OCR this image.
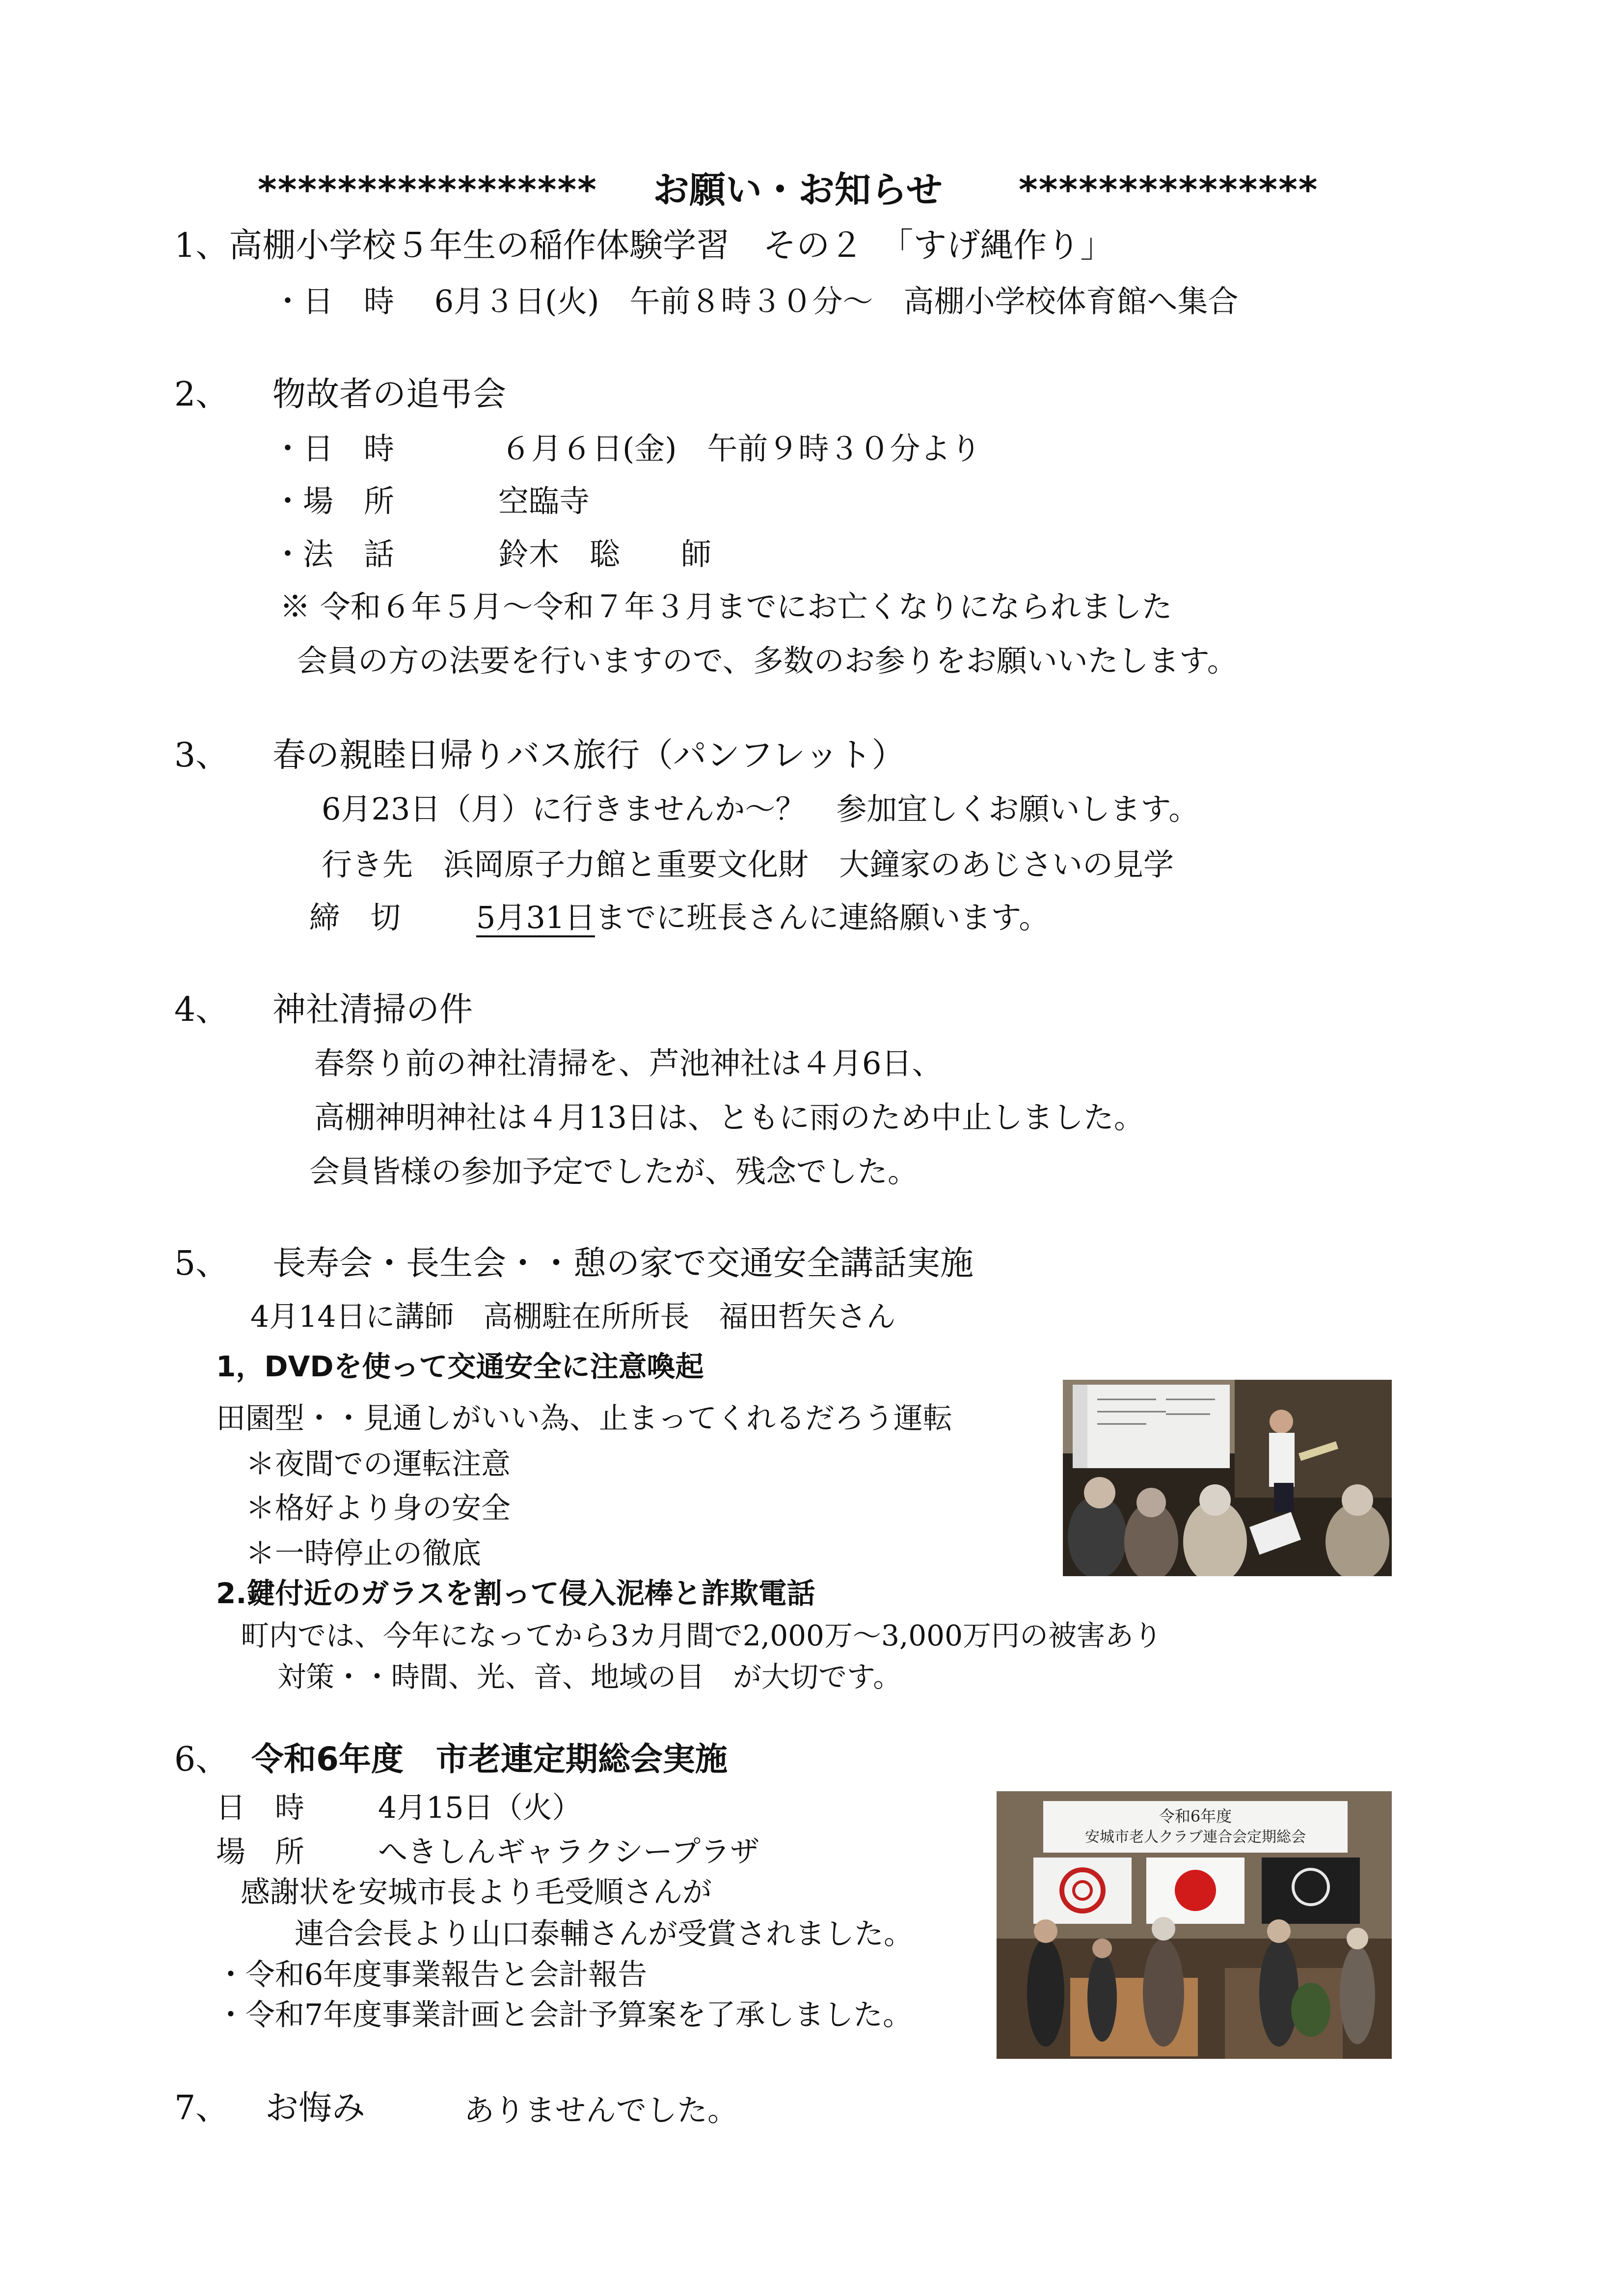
***************** お願い・お知らせ ***************
1、高棚小学校５年生の稲作体験学習　その２　「すげ縄作り」
・日　時　 6月３日(火)　午前８時３０分～　高棚小学校体育館へ集合
2、 物故者の追弔会
・日　時	６月６日(金)　午前９時３０分より
・場　所	空臨寺
・法　話	鈴木　聡　　師
※ 令和６年５月～令和７年３月までにお亡くなりになられました
会員の方の法要を行いますので、多数のお参りをお願いいたします。
3、 春の親睦日帰りバス旅行（パンフレット）
6月23日（月）に行きませんか～？　参加宜しくお願いします。
行き先　浜岡原子力館と重要文化財　大鐘家のあじさいの見学
締　切 5月31日までに班長さんに連絡願います。
4、 神社清掃の件
春祭り前の神社清掃を、芦池神社は４月6日、
高棚神明神社は４月13日は、ともに雨のため中止しました。
会員皆様の参加予定でしたが、残念でした。
5、 長寿会・長生会・・憩の家で交通安全講話実施
4月14日に講師　高棚駐在所所長　福田哲矢さん
1，DVDを使って交通安全に注意喚起
田園型・・見通しがいい為、止まってくれるだろう運転
＊夜間での運転注意
＊格好より身の安全
＊一時停止の徹底
2.鍵付近のガラスを割って侵入泥棒と詐欺電話
町内では、今年になってから3カ月間で2,000万～3,000万円の被害あり
対策・・時間、光、音、地域の目　が大切です。
6、 令和6年度　市老連定期総会実施
日　時	4月15日（火）
場　所	へきしんギャラクシープラザ
感謝状を安城市長より毛受順さんが
連合会長より山口泰輔さんが受賞されました。
・令和6年度事業報告と会計報告
・令和7年度事業計画と会計予算案を了承しました。
令和6年度
安城市老人クラブ連合会定期総会
7、 お悔み	ありませんでした。
